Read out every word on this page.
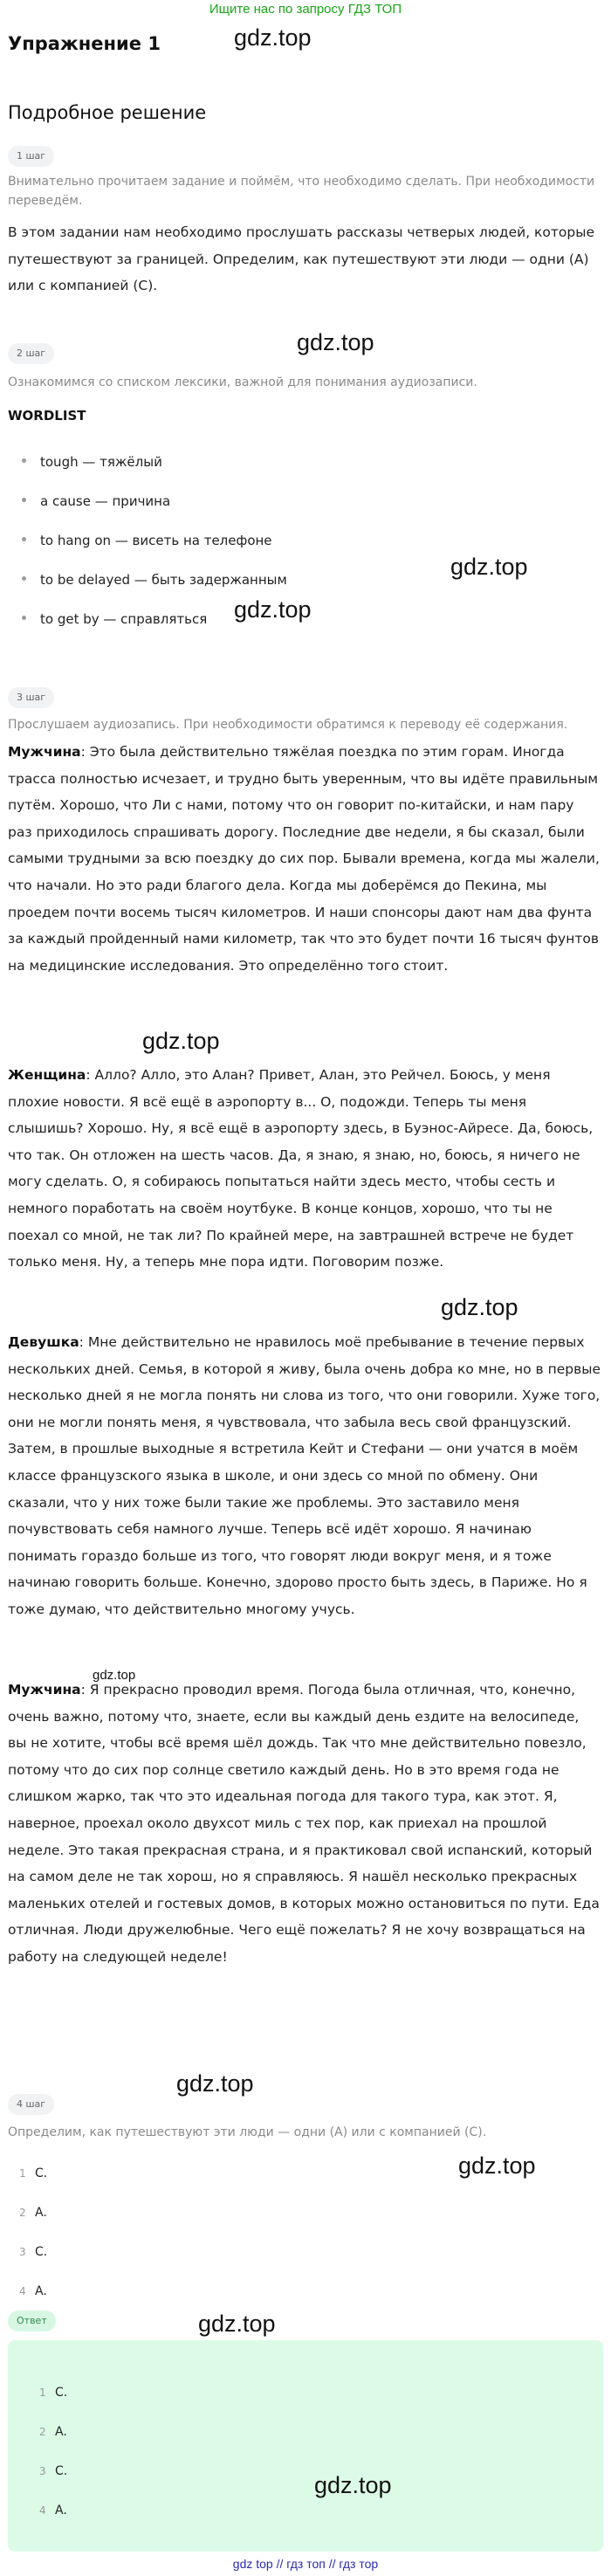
Ищите нас по запросу ГДЗ ТОП
Упражнение 1
Подробное решение
1 шаг
Внимательно прочитаем задание и поймём, что необходимо сделать. При необходимости переведём.
В этом задании нам необходимо прослушать рассказы четверых людей, которые путешествуют за границей. Определим, как путешествуют эти люди — одни (A) или с компанией (C).
2 шаг
Ознакомимся со списком лексики, важной для понимания аудиозаписи.
WORDLIST
tough — тяжёлый
a cause — причина
to hang on — висеть на телефоне
to be delayed — быть задержанным
to get by — справляться
3 шаг
Прослушаем аудиозапись. При необходимости обратимся к переводу её содержания.
Мужчина: Это была действительно тяжёлая поездка по этим горам. Иногда трасса полностью исчезает, и трудно быть уверенным, что вы идёте правильным путём. Хорошо, что Ли с нами, потому что он говорит по-китайски, и нам пару раз приходилось спрашивать дорогу. Последние две недели, я бы сказал, были самыми трудными за всю поездку до сих пор. Бывали времена, когда мы жалели, что начали. Но это ради благого дела. Когда мы доберёмся до Пекина, мы проедем почти восемь тысяч километров. И наши спонсоры дают нам два фунта за каждый пройденный нами километр, так что это будет почти 16 тысяч фунтов на медицинские исследования. Это определённо того стоит.
Женщина: Алло? Алло, это Алан? Привет, Алан, это Рейчел. Боюсь, у меня плохие новости. Я всё ещё в аэропорту в... О, подожди. Теперь ты меня слышишь? Хорошо. Ну, я всё ещё в аэропорту здесь, в Буэнос-Айресе. Да, боюсь, что так. Он отложен на шесть часов. Да, я знаю, я знаю, но, боюсь, я ничего не могу сделать. О, я собираюсь попытаться найти здесь место, чтобы сесть и немного поработать на своём ноутбуке. В конце концов, хорошо, что ты не поехал со мной, не так ли? По крайней мере, на завтрашней встрече не будет только меня. Ну, а теперь мне пора идти. Поговорим позже.
Девушка: Мне действительно не нравилось моё пребывание в течение первых нескольких дней. Семья, в которой я живу, была очень добра ко мне, но в первые несколько дней я не могла понять ни слова из того, что они говорили. Хуже того, они не могли понять меня, я чувствовала, что забыла весь свой французский. Затем, в прошлые выходные я встретила Кейт и Стефани — они учатся в моём классе французского языка в школе, и они здесь со мной по обмену. Они сказали, что у них тоже были такие же проблемы. Это заставило меня почувствовать себя намного лучше. Теперь всё идёт хорошо. Я начинаю понимать гораздо больше из того, что говорят люди вокруг меня, и я тоже начинаю говорить больше. Конечно, здорово просто быть здесь, в Париже. Но я тоже думаю, что действительно многому учусь.
Мужчина: Я прекрасно проводил время. Погода была отличная, что, конечно, очень важно, потому что, знаете, если вы каждый день ездите на велосипеде, вы не хотите, чтобы всё время шёл дождь. Так что мне действительно повезло, потому что до сих пор солнце светило каждый день. Но в это время года не слишком жарко, так что это идеальная погода для такого тура, как этот. Я, наверное, проехал около двухсот миль с тех пор, как приехал на прошлой неделе. Это такая прекрасная страна, и я практиковал свой испанский, который на самом деле не так хорош, но я справляюсь. Я нашёл несколько прекрасных маленьких отелей и гостевых домов, в которых можно остановиться по пути. Еда отличная. Люди дружелюбные. Чего ещё пожелать? Я не хочу возвращаться на работу на следующей неделе!
4 шаг
Определим, как путешествуют эти люди — одни (A) или с компанией (C).
1 C.
2 A.
3 C.
4 A.
Ответ
1 C.
2 A.
3 C.
4 A.
gdz.top
gdz.top
gdz.top
gdz.top
gdz.top
gdz.top
gdz.top
gdz.top
gdz.top
gdz.top
gdz.top
gdz top // гдз топ // гдз тор
